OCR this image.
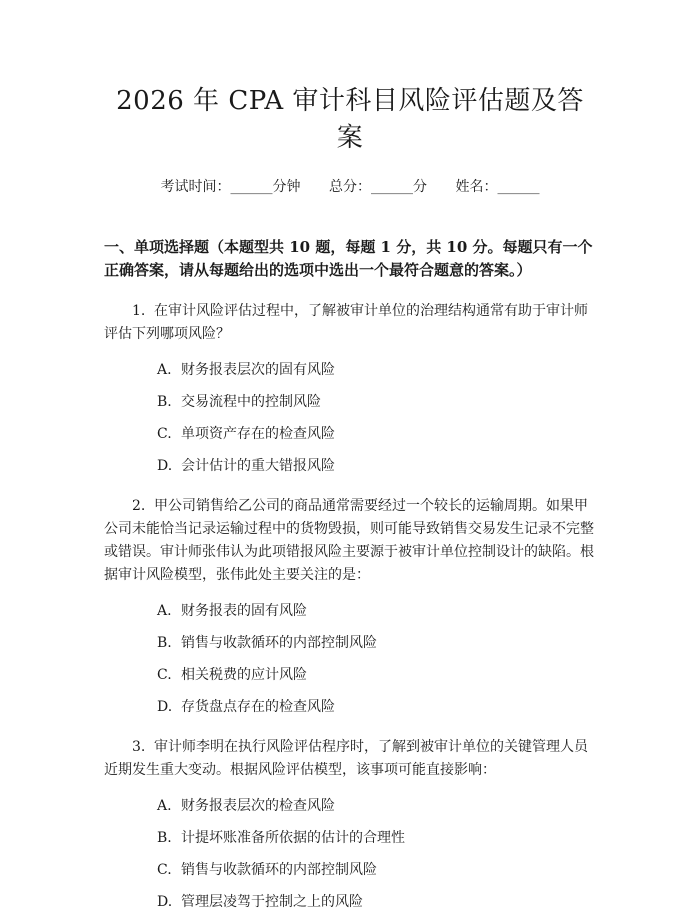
2026 年 CPA 审计科目风险评估题及答案
考试时间：______分钟 总分：______分 姓名：______
一、单项选择题（本题型共 10 题，每题 1 分，共 10 分。每题只有一个正确答案，请从每题给出的选项中选出一个最符合题意的答案。）

1. 在审计风险评估过程中，了解被审计单位的治理结构通常有助于审计师评估下列哪项风险？

A. 财务报表层次的固有风险
B. 交易流程中的控制风险
C. 单项资产存在的检查风险
D. 会计估计的重大错报风险

2. 甲公司销售给乙公司的商品通常需要经过一个较长的运输周期。如果甲公司未能恰当记录运输过程中的货物毁损，则可能导致销售交易发生记录不完整或错误。审计师张伟认为此项错报风险主要源于被审计单位控制设计的缺陷。根据审计风险模型，张伟此处主要关注的是：

A. 财务报表的固有风险
B. 销售与收款循环的内部控制风险
C. 相关税费的应计风险
D. 存货盘点存在的检查风险

3. 审计师李明在执行风险评估程序时，了解到被审计单位的关键管理人员近期发生重大变动。根据风险评估模型，该事项可能直接影响：

A. 财务报表层次的检查风险
B. 计提坏账准备所依据的估计的合理性
C. 销售与收款循环的内部控制风险
D. 管理层凌驾于控制之上的风险
